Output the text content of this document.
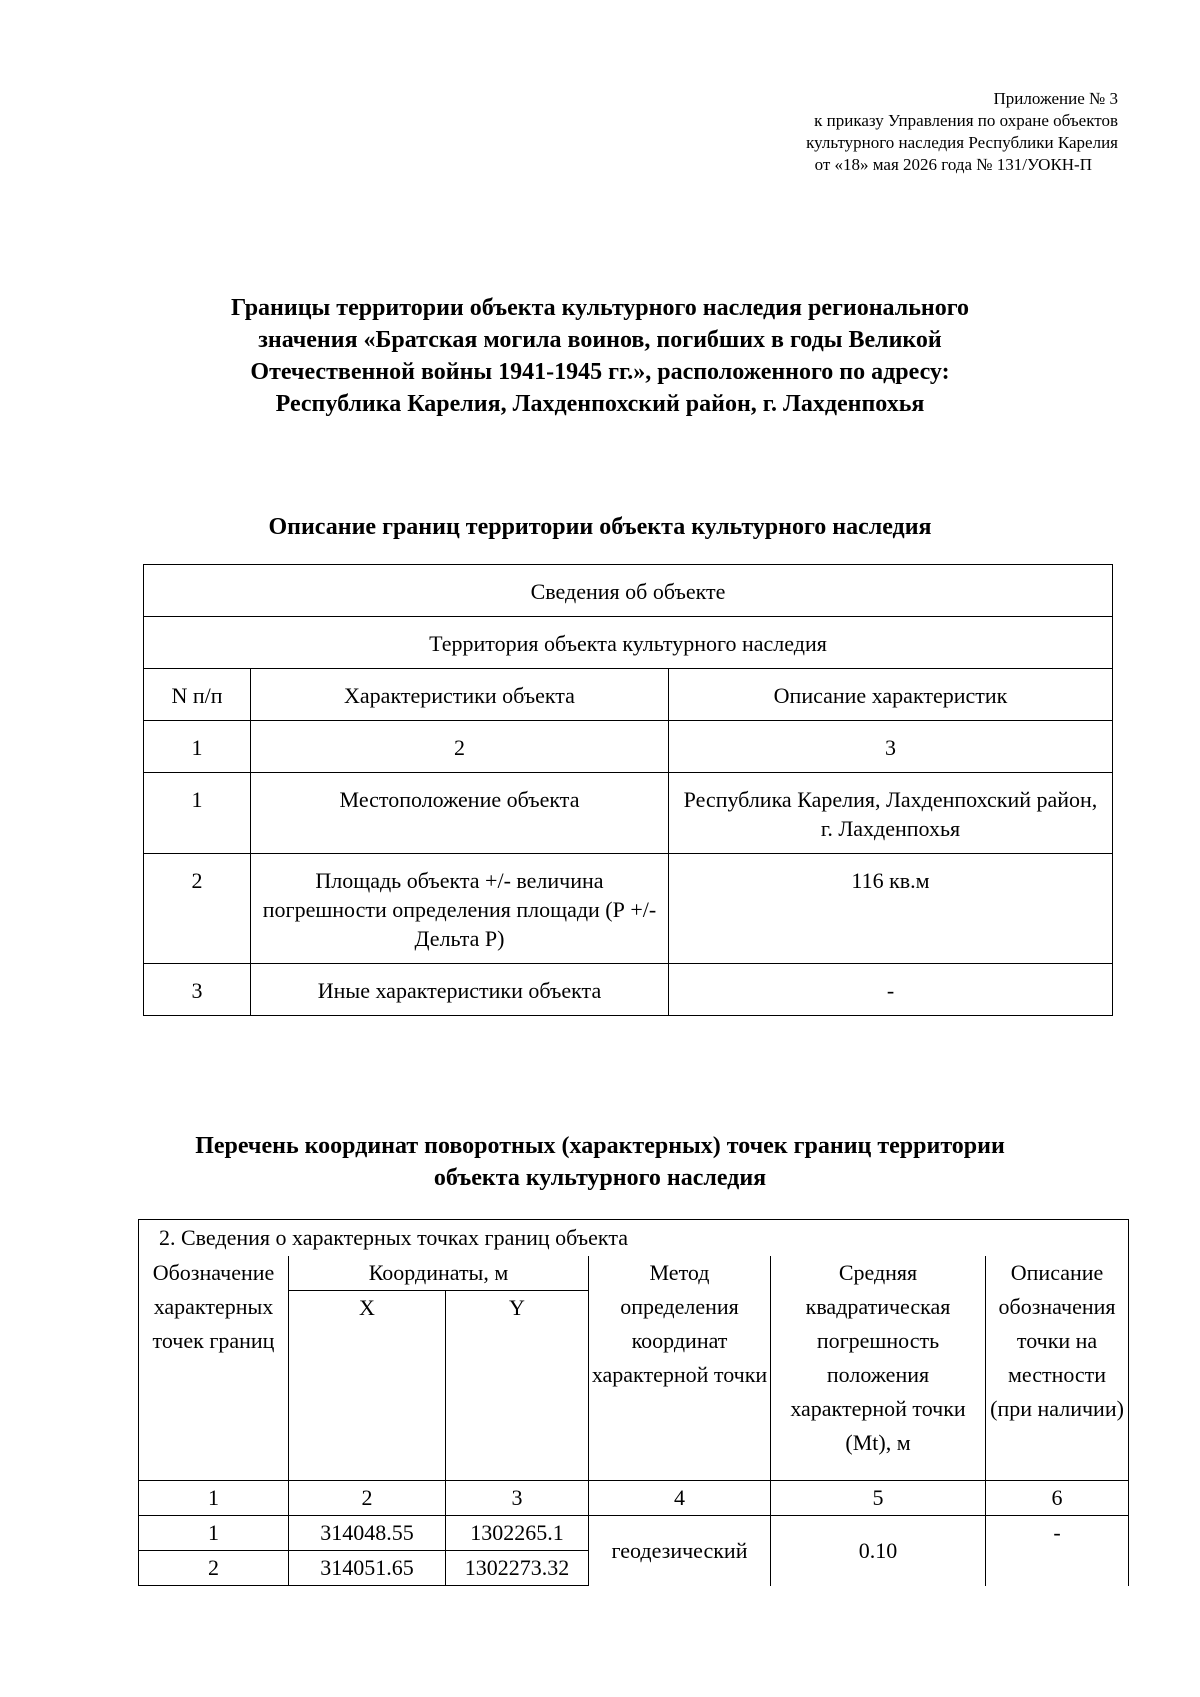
Приложение № 3
к приказу Управления по охране объектов
культурного наследия Республики Карелия
от «18» мая 2026 года № 131/УОКН-П
Границы территории объекта культурного наследия регионального
значения «Братская могила воинов, погибших в годы Великой
Отечественной войны 1941-1945 гг.», расположенного по адресу:
Республика Карелия, Лахденпохский район, г. Лахденпохья
Описание границ территории объекта культурного наследия
Сведения об объекте		
Территория объекта культурного наследия		
N п/п	Характеристики объекта	Описание характеристик
1	2	3
1	Местоположение объекта	Республика Карелия, Лахденпохский район, г. Лахденпохья
2	Площадь объекта +/- величина погрешности определения площади (Р +/- Дельта Р)	116 кв.м
3	Иные характеристики объекта	-
Перечень координат поворотных (характерных) точек границ территории
объекта культурного наследия
2. Сведения о характерных точках границ объекта					
Обозначение характерных точек границ	Координаты, м		Метод определения координат характерной точки	Средняя квадратическая погрешность положения характерной точки (Mt), м	Описание обозначения точки на местности (при наличии)
	X	Y			
1	2	3	4	5	6
1	314048.55	1302265.1	геодезический	0.10	-
2	314051.65	1302273.32			
